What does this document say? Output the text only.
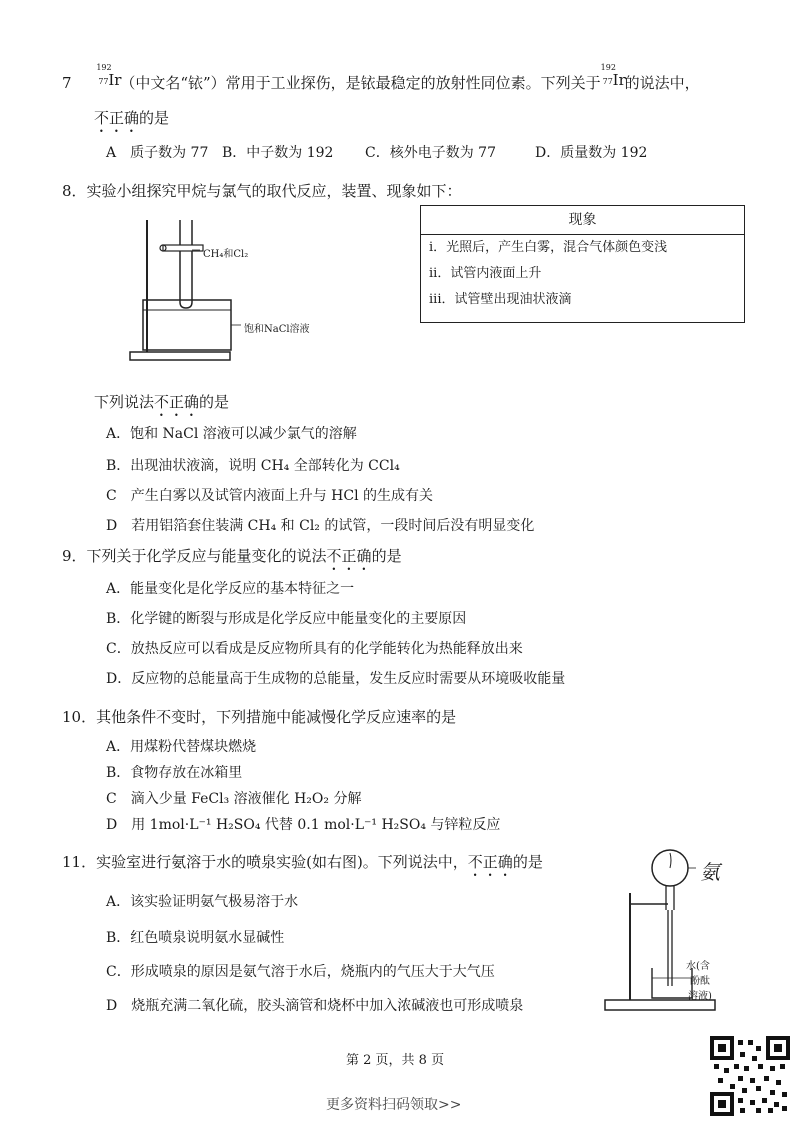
7
192
77 Ir
（中文名“铱”）常用于工业探伤，是铱最稳定的放射性同位素。下列关于
192
77 Ir
的说法中，
不正确的是
A　质子数为 77 B．中子数为 192 C．核外电子数为 77	D．质量数为 192
8．实验小组探究甲烷与氯气的取代反应，装置、现象如下：
CH₄和Cl₂
饱和NaCl溶液
现象
i．光照后，产生白雾，混合气体颜色变浅
ii．试管内液面上升
iii．试管壁出现油状液滴
下列说法不正确的是
A．饱和 NaCl 溶液可以减少氯气的溶解
B．出现油状液滴，说明 CH₄ 全部转化为 CCl₄
C　产生白雾以及试管内液面上升与 HCl 的生成有关
D　若用铝箔套住装满 CH₄ 和 Cl₂ 的试管，一段时间后没有明显变化
9．下列关于化学反应与能量变化的说法不正确的是
A．能量变化是化学反应的基本特征之一
B．化学键的断裂与形成是化学反应中能量变化的主要原因
C．放热反应可以看成是反应物所具有的化学能转化为热能释放出来
D．反应物的总能量高于生成物的总能量，发生反应时需要从环境吸收能量
10．其他条件不变时，下列措施中能减慢化学反应速率的是
A．用煤粉代替煤块燃烧
B．食物存放在冰箱里
C　滴入少量 FeCl₃ 溶液催化 H₂O₂ 分解
D　用 1mol·L⁻¹ H₂SO₄ 代替 0.1 mol·L⁻¹ H₂SO₄ 与锌粒反应
11．实验室进行氨溶于水的喷泉实验(如右图)。下列说法中，不正确的是
A．该实验证明氨气极易溶于水
B．红色喷泉说明氨水显碱性
C．形成喷泉的原因是氨气溶于水后，烧瓶内的气压大于大气压
D　烧瓶充满二氧化硫，胶头滴管和烧杯中加入浓碱液也可形成喷泉
氨
水(含
酚酞
溶液)
第 2 页，共 8 页
更多资料扫码领取>>
